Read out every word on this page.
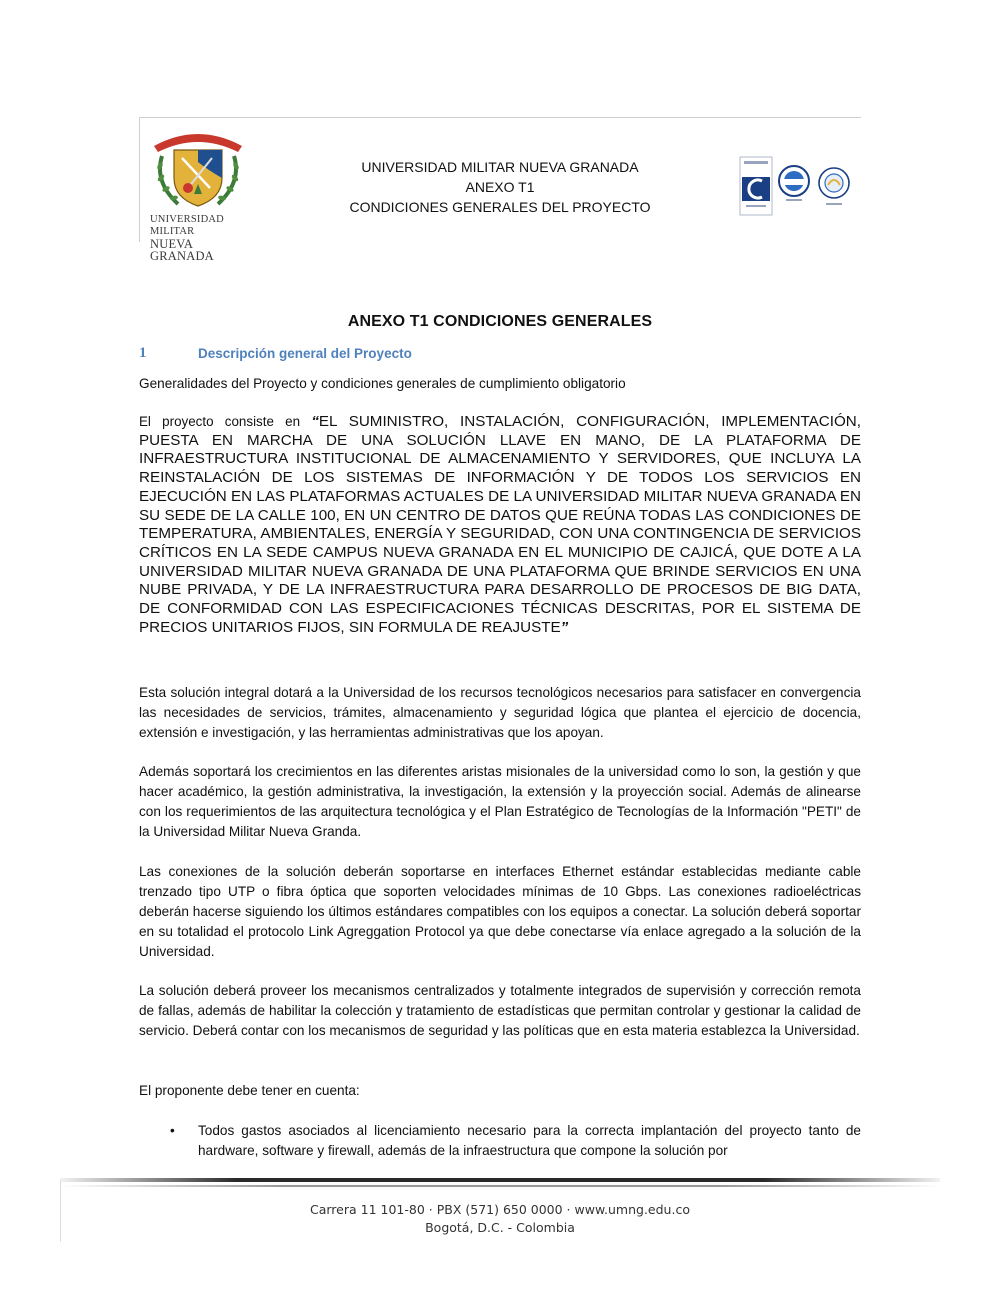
UNIVERSIDAD MILITAR
NUEVA GRANADA
UNIVERSIDAD MILITAR NUEVA GRANADA
ANEXO T1
CONDICIONES GENERALES DEL PROYECTO
ANEXO T1 CONDICIONES GENERALES
1	Descripción general del Proyecto
Generalidades del Proyecto y condiciones generales de cumplimiento obligatorio
El proyecto consiste en “EL SUMINISTRO, INSTALACIÓN, CONFIGURACIÓN, IMPLEMENTACIÓN, PUESTA EN MARCHA DE UNA SOLUCIÓN LLAVE EN MANO, DE LA PLATAFORMA DE INFRAESTRUCTURA INSTITUCIONAL DE ALMACENAMIENTO Y SERVIDORES, QUE INCLUYA LA REINSTALACIÓN DE LOS SISTEMAS DE INFORMACIÓN Y DE TODOS LOS SERVICIOS EN EJECUCIÓN EN LAS PLATAFORMAS ACTUALES DE LA UNIVERSIDAD MILITAR NUEVA GRANADA EN SU SEDE DE LA CALLE 100, EN UN CENTRO DE DATOS QUE REÚNA TODAS LAS CONDICIONES DE TEMPERATURA, AMBIENTALES, ENERGÍA Y SEGURIDAD, CON UNA CONTINGENCIA DE SERVICIOS CRÍTICOS EN LA SEDE CAMPUS NUEVA GRANADA EN EL MUNICIPIO DE CAJICÁ, QUE DOTE A LA UNIVERSIDAD MILITAR NUEVA GRANADA DE UNA PLATAFORMA QUE BRINDE SERVICIOS EN UNA NUBE PRIVADA, Y DE LA INFRAESTRUCTURA PARA DESARROLLO DE PROCESOS DE BIG DATA, DE CONFORMIDAD CON LAS ESPECIFICACIONES TÉCNICAS DESCRITAS, POR EL SISTEMA DE PRECIOS UNITARIOS FIJOS, SIN FORMULA DE REAJUSTE”
Esta solución integral dotará a la Universidad de los recursos tecnológicos necesarios para satisfacer en convergencia las necesidades de servicios, trámites, almacenamiento y seguridad lógica que plantea el ejercicio de docencia, extensión e investigación, y las herramientas administrativas que los apoyan.
Además soportará los crecimientos en las diferentes aristas misionales de la universidad como lo son, la gestión y que hacer académico, la gestión administrativa, la investigación, la extensión y la proyección social. Además de alinearse con los requerimientos de las arquitectura tecnológica y el Plan Estratégico de Tecnologías de la Información "PETI" de la Universidad Militar Nueva Granda.
Las conexiones de la solución deberán soportarse en interfaces Ethernet estándar establecidas mediante cable trenzado tipo UTP o fibra óptica que soporten velocidades mínimas de 10 Gbps. Las conexiones radioeléctricas deberán hacerse siguiendo los últimos estándares compatibles con los equipos a conectar. La solución deberá soportar en su totalidad el protocolo Link Agreggation Protocol ya que debe conectarse vía enlace agregado a la solución de la Universidad.
La solución deberá proveer los mecanismos centralizados y totalmente integrados de supervisión y corrección remota de fallas, además de habilitar la colección y tratamiento de estadísticas que permitan controlar y gestionar la calidad de servicio. Deberá contar con los mecanismos de seguridad y las políticas que en esta materia establezca la Universidad.
El proponente debe tener en cuenta:
• Todos gastos asociados al licenciamiento necesario para la correcta implantación del proyecto tanto de hardware, software y firewall, además de la infraestructura que compone la solución por
Carrera 11 101-80 · PBX (571) 650 0000 · www.umng.edu.co
Bogotá, D.C. - Colombia
